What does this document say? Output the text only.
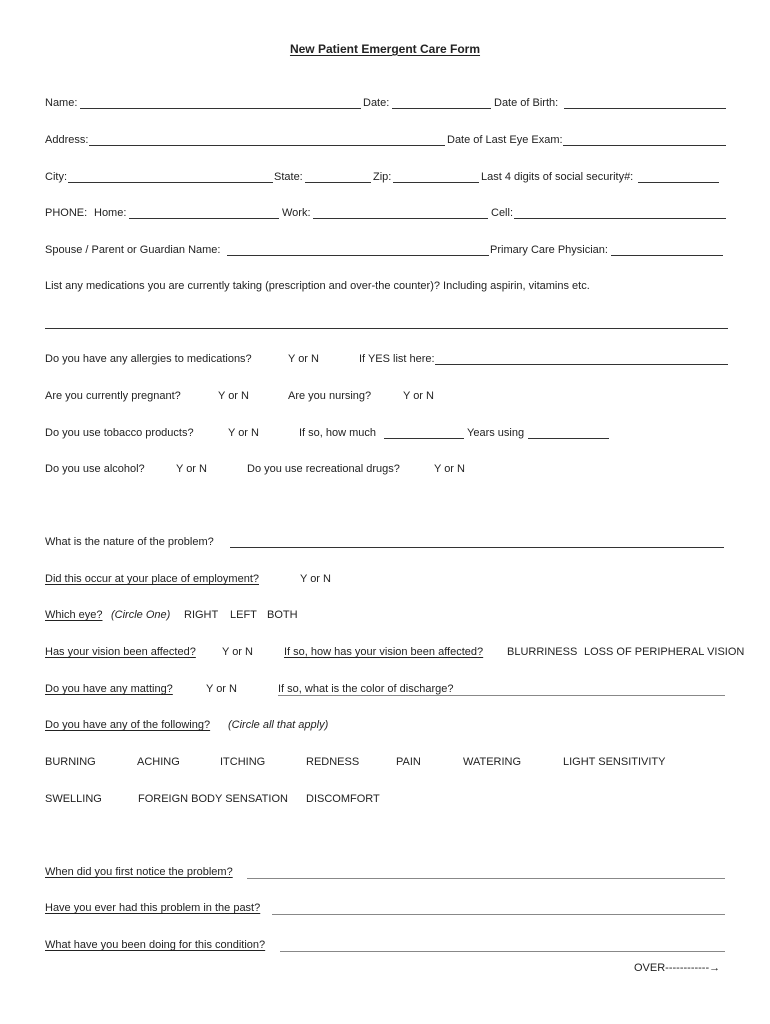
New Patient Emergent Care Form
Name:	Date:	Date of Birth:
Address:	Date of Last Eye Exam:
City:	State:	Zip:	Last 4 digits of social security#:
PHONE: Home:	Work:	Cell:
Spouse / Parent or Guardian Name:	Primary Care Physician:
List any medications you are currently taking (prescription and over-the counter)? Including aspirin, vitamins etc.
Do you have any allergies to medications?	Y or N	If YES list here:
Are you currently pregnant?	Y or N	Are you nursing?	Y or N
Do you use tobacco products?	Y or N	If so, how much	Years using
Do you use alcohol?	Y or N	Do you use recreational drugs?	Y or N
What is the nature of the problem?
Did this occur at your place of employment?	Y or N
Which eye? (Circle One) RIGHT LEFT BOTH
Has your vision been affected? Y or N	If so, how has your vision been affected? BLURRINESS LOSS OF PERIPHERAL VISION
Do you have any matting?	Y or N	If so, what is the color of discharge?
Do you have any of the following? (Circle all that apply)
BURNING	ACHING	ITCHING	REDNESS	PAIN	WATERING	LIGHT SENSITIVITY
SWELLING	FOREIGN BODY SENSATION DISCOMFORT
When did you first notice the problem?
Have you ever had this problem in the past?
What have you been doing for this condition?
OVER------------→
